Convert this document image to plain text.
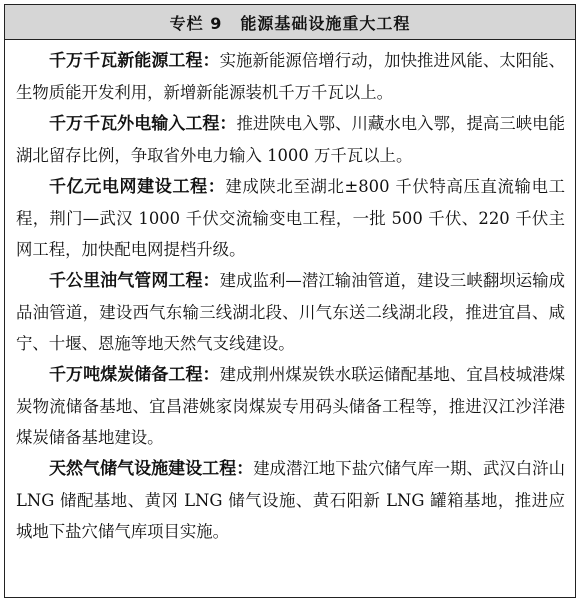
专栏 9 能源基础设施重大工程

千万千瓦新能源工程：实施新能源倍增行动，加快推进风能、太阳能、生物质能开发利用，新增新能源装机千万千瓦以上。

千万千瓦外电输入工程：推进陕电入鄂、川藏水电入鄂，提高三峡电能湖北留存比例，争取省外电力输入 1000 万千瓦以上。

千亿元电网建设工程：建成陕北至湖北±800 千伏特高压直流输电工程，荆门—武汉 1000 千伏交流输变电工程，一批 500 千伏、220 千伏主网工程，加快配电网提档升级。

千公里油气管网工程：建成监利—潜江输油管道，建设三峡翻坝运输成品油管道，建设西气东输三线湖北段、川气东送二线湖北段，推进宜昌、咸宁、十堰、恩施等地天然气支线建设。

千万吨煤炭储备工程：建成荆州煤炭铁水联运储配基地、宜昌枝城港煤炭物流储备基地、宜昌港姚家岗煤炭专用码头储备工程等，推进汉江沙洋港煤炭储备基地建设。

天然气储气设施建设工程：建成潜江地下盐穴储气库一期、武汉白浒山 LNG 储配基地、黄冈 LNG 储气设施、黄石阳新 LNG 罐箱基地，推进应城地下盐穴储气库项目实施。
